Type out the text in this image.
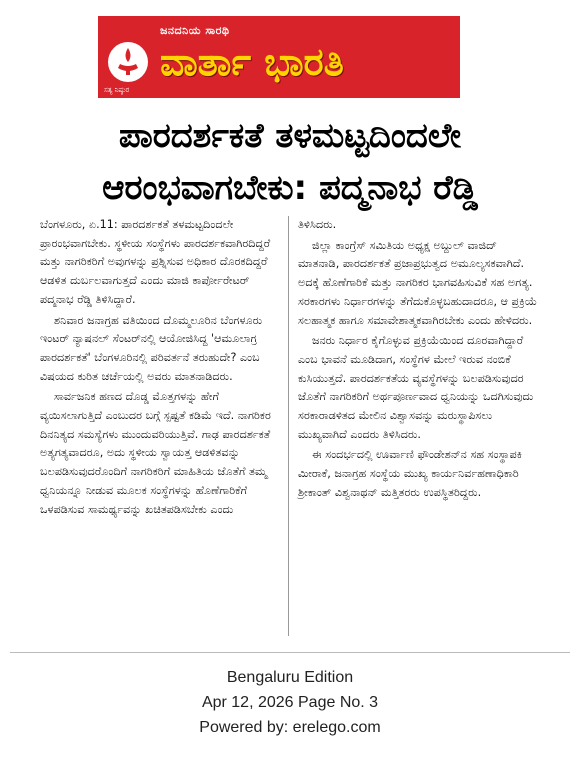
ಜನದನಿಯ ಸಾರಥಿ
ವಾರ್ತಾ ಭಾರತಿ
ಸತ್ಯ ನಿಷ್ಠುರ
ಪಾರದರ್ಶಕತೆ ತಳಮಟ್ಟದಿಂದಲೇ
ಆರಂಭವಾಗಬೇಕು: ಪದ್ಮನಾಭ ರೆಡ್ಡಿ

ಬೆಂಗಳೂರು, ಏ.11: ಪಾರದರ್ಶಕತೆ ತಳಮಟ್ಟದಿಂದಲೇ ಪ್ರಾರಂಭವಾಗಬೇಕು. ಸ್ಥಳೀಯ ಸಂಸ್ಥೆಗಳು ಪಾರದರ್ಶಕವಾಗಿರದಿದ್ದರೆ ಮತ್ತು ನಾಗರಿಕರಿಗೆ ಅವುಗಳನ್ನು ಪ್ರಶ್ನಿಸುವ ಅಧಿಕಾರ ದೊರಕದಿದ್ದರೆ ಆಡಳಿತ ದುರ್ಬಲವಾಗುತ್ತದೆ ಎಂದು ಮಾಜಿ ಕಾರ್ಪೋರೇಟರ್ ಪದ್ಮನಾಭ ರೆಡ್ಡಿ ತಿಳಿಸಿದ್ದಾರೆ.

ಶನಿವಾರ ಜನಾಗ್ರಹ ವತಿಯಿಂದ ದೊಮ್ಮಲೂರಿನ ಬೆಂಗಳೂರು ಇಂಟರ್ ನ್ಯಾಷನಲ್ ಸೆಂಟರ್‌ನಲ್ಲಿ ಆಯೋಜಿಸಿದ್ದ 'ಆಮೂಲಾಗ್ರ ಪಾರದರ್ಶಕತೆ' ಬೆಂಗಳೂರಿನಲ್ಲಿ ಪರಿವರ್ತನೆ ತರುಹುದೇ? ಎಂಬ ವಿಷಯದ ಕುರಿತ ಚರ್ಚೆಯಲ್ಲಿ ಅವರು ಮಾತನಾಡಿದರು.

ಸಾರ್ವಜನಿಕ ಹಣದ ದೊಡ್ಡ ಮೊತ್ತಗಳನ್ನು ಹೇಗೆ ವ್ಯಯಿಸಲಾಗುತ್ತಿದೆ ಎಂಬುದರ ಬಗ್ಗೆ ಸ್ಪಷ್ಟತೆ ಕಡಿಮೆ ಇದೆ. ನಾಗರಿಕರ ದಿನನಿತ್ಯದ ಸಮಸ್ಯೆಗಳು ಮುಂದುವರಿಯುತ್ತಿವೆ. ಗಾಢ ಪಾರದರ್ಶಕತೆ ಅತ್ಯಗತ್ಯವಾದರೂ, ಅದು ಸ್ಥಳೀಯ ಸ್ವಾಯತ್ತ ಆಡಳಿತವನ್ನು ಬಲಪಡಿಸುವುದರೊಂದಿಗೆ ನಾಗರಿಕರಿಗೆ ಮಾಹಿತಿಯ ಜೊತೆಗೆ ತಮ್ಮ ಧ್ವನಿಯನ್ನೂ ನೀಡುವ ಮೂಲಕ ಸಂಸ್ಥೆಗಳನ್ನು ಹೊಣೆಗಾರಿಕೆಗೆ ಒಳಪಡಿಸುವ ಸಾಮರ್ಥ್ಯವನ್ನು ಖಚಿತಪಡಿಸಬೇಕು ಎಂದು

ತಿಳಿಸಿದರು.

ಜಿಲ್ಲಾ ಕಾಂಗ್ರೆಸ್ ಸಮಿತಿಯ ಅಧ್ಯಕ್ಷ ಅಬ್ದುಲ್ ವಾಜಿದ್ ಮಾತನಾಡಿ, ಪಾರದರ್ಶಕತೆ ಪ್ರಜಾಪ್ರಭುತ್ವದ ಅಮೂಲ್ಯಸಕವಾಗಿದೆ. ಅದಕ್ಕೆ ಹೊಣೆಗಾರಿಕೆ ಮತ್ತು ನಾಗರಿಕರ ಭಾಗವಹಿಸುವಿಕೆ ಸಹ ಅಗತ್ಯ. ಸರಕಾರಗಳು ನಿರ್ಧಾರಗಳನ್ನು ತೆಗೆದುಕೊಳ್ಳಬಹುದಾದರೂ, ಆ ಪ್ರಕ್ರಿಯೆ ಸಲಹಾತ್ಮಕ ಹಾಗೂ ಸಮಾವೇಶಾತ್ಮಕವಾಗಿರಬೇಕು ಎಂದು ಹೇಳಿದರು.

ಜನರು ನಿರ್ಧಾರ ಕೈಗೊಳ್ಳುವ ಪ್ರಕ್ರಿಯೆಯಿಂದ ದೂರವಾಗಿದ್ದಾರೆ ಎಂಬ ಭಾವನೆ ಮೂಡಿದಾಗ, ಸಂಸ್ಥೆಗಳ ಮೇಲೆ ಇರುವ ನಂಬಿಕೆ ಕುಸಿಯುತ್ತದೆ. ಪಾರದರ್ಶಕತೆಯ ವ್ಯವಸ್ಥೆಗಳನ್ನು ಬಲಪಡಿಸುವುದರ ಜೊತೆಗೆ ನಾಗರಿಕರಿಗೆ ಅರ್ಥಪೂರ್ಣವಾದ ಧ್ವನಿಯನ್ನು ಒದಗಿಸುವುದು ಸರಕಾರಾಡಳಿತದ ಮೇಲಿನ ವಿಶ್ವಾಸವನ್ನು ಮರುಸ್ಥಾಪಿಸಲು ಮುಖ್ಯವಾಗಿದೆ ಎಂದರು ತಿಳಿಸಿದರು.

ಈ ಸಂದರ್ಭದಲ್ಲಿ ಊರ್ವಾಣಿ ಫೌಂಡೇಶನ್‌ನ ಸಹ ಸಂಸ್ಥಾಪಕಿ ಮೀರಾಕೆ, ಜನಾಗ್ರಹ ಸಂಸ್ಥೆಯ ಮುಖ್ಯ ಕಾರ್ಯನಿರ್ವಹಣಾಧಿಕಾರಿ ಶ್ರೀಕಾಂತ್ ವಿಶ್ವನಾಥನ್ ಮತ್ತಿತರರು ಉಪಸ್ಥಿತರಿದ್ದರು.

Bengaluru Edition
Apr 12, 2026 Page No. 3
Powered by: erelego.com
